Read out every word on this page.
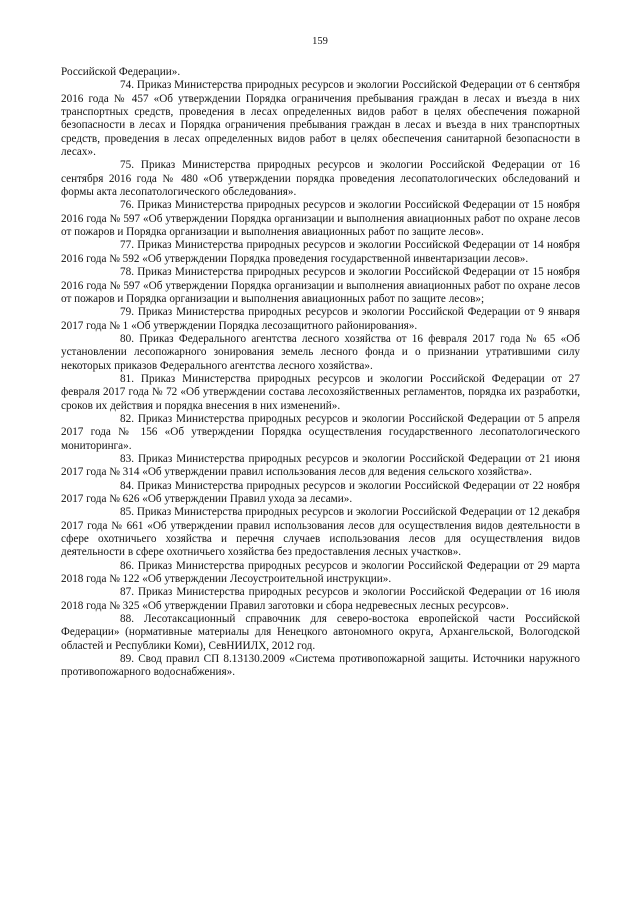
159

Российской Федерации».

74. Приказ Министерства природных ресурсов и экологии Российской Федерации от 6 сентября 2016 года № 457 «Об утверждении Порядка ограничения пребывания граждан в лесах и въезда в них транспортных средств, проведения в лесах определенных видов работ в целях обеспечения пожарной безопасности в лесах и Порядка ограничения пребывания граждан в лесах и въезда в них транспортных средств, проведения в лесах определенных видов работ в целях обеспечения санитарной безопасности в лесах».

75. Приказ Министерства природных ресурсов и экологии Российской Федерации от 16 сентября 2016 года № 480 «Об утверждении порядка проведения лесопатологических обследований и формы акта лесопатологического обследования».

76. Приказ Министерства природных ресурсов и экологии Российской Федерации от 15 ноября 2016 года № 597 «Об утверждении Порядка организации и выполнения авиационных работ по охране лесов от пожаров и Порядка организации и выполнения авиационных работ по защите лесов».

77. Приказ Министерства природных ресурсов и экологии Российской Федерации от 14 ноября 2016 года № 592 «Об утверждении Порядка проведения государственной инвентаризации лесов».

78. Приказ Министерства природных ресурсов и экологии Российской Федерации от 15 ноября 2016 года № 597 «Об утверждении Порядка организации и выполнения авиационных работ по охране лесов от пожаров и Порядка организации и выполнения авиационных работ по защите лесов»;

79. Приказ Министерства природных ресурсов и экологии Российской Федерации от 9 января 2017 года № 1 «Об утверждении Порядка лесозащитного районирования».

80. Приказ Федерального агентства лесного хозяйства от 16 февраля 2017 года № 65 «Об установлении лесопожарного зонирования земель лесного фонда и о признании утратившими силу некоторых приказов Федерального агентства лесного хозяйства».

81. Приказ Министерства природных ресурсов и экологии Российской Федерации от 27 февраля 2017 года № 72 «Об утверждении состава лесохозяйственных регламентов, порядка их разработки, сроков их действия и порядка внесения в них изменений».

82. Приказ Министерства природных ресурсов и экологии Российской Федерации от 5 апреля 2017 года № 156 «Об утверждении Порядка осуществления государственного лесопатологического мониторинга».

83. Приказ Министерства природных ресурсов и экологии Российской Федерации от 21 июня 2017 года № 314 «Об утверждении правил использования лесов для ведения сельского хозяйства».

84. Приказ Министерства природных ресурсов и экологии Российской Федерации от 22 ноября 2017 года № 626 «Об утверждении Правил ухода за лесами».

85. Приказ Министерства природных ресурсов и экологии Российской Федерации от 12 декабря 2017 года № 661 «Об утверждении правил использования лесов для осуществления видов деятельности в сфере охотничьего хозяйства и перечня случаев использования лесов для осуществления видов деятельности в сфере охотничьего хозяйства без предоставления лесных участков».

86. Приказ Министерства природных ресурсов и экологии Российской Федерации от 29 марта 2018 года № 122 «Об утверждении Лесоустроительной инструкции».

87. Приказ Министерства природных ресурсов и экологии Российской Федерации от 16 июля 2018 года № 325 «Об утверждении Правил заготовки и сбора недревесных лесных ресурсов».

88. Лесотаксационный справочник для северо-востока европейской части Российской Федерации» (нормативные материалы для Ненецкого автономного округа, Архангельской, Вологодской областей и Республики Коми), СевНИИЛХ, 2012 год.

89. Свод правил СП 8.13130.2009 «Система противопожарной защиты. Источники наружного противопожарного водоснабжения».
